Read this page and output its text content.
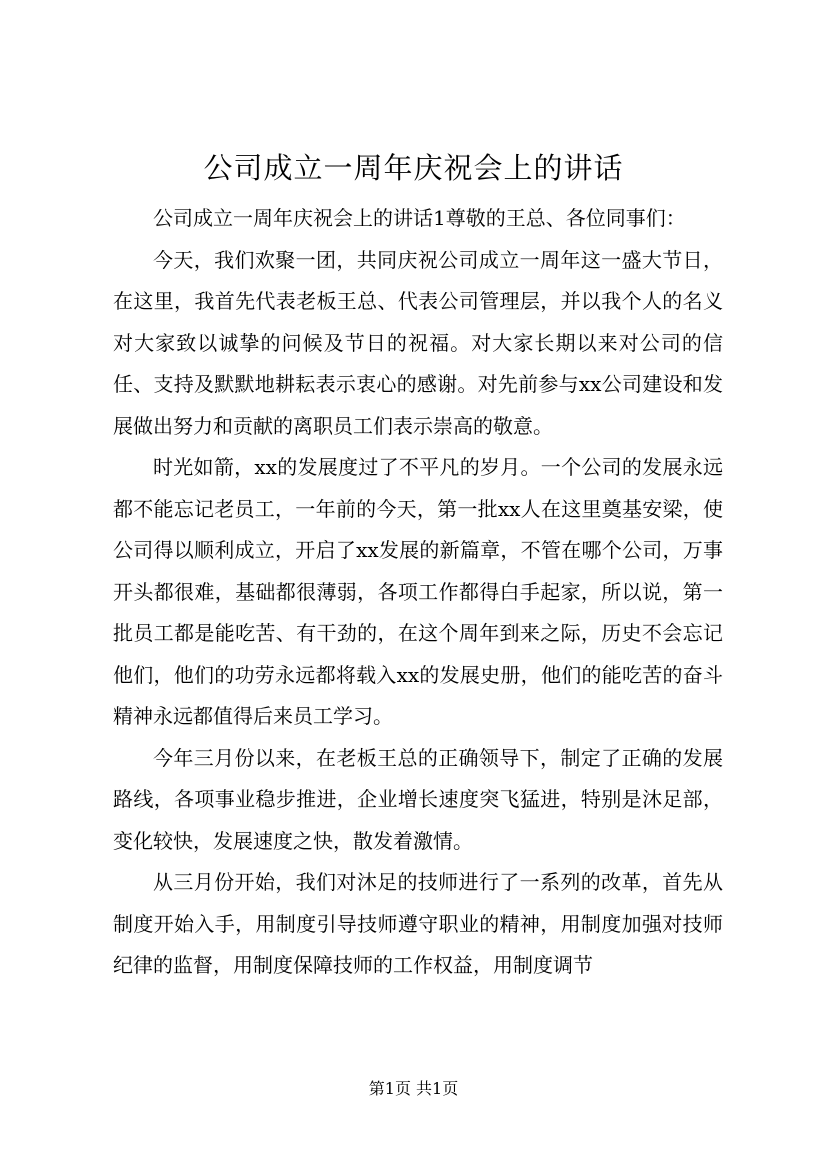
公司成立一周年庆祝会上的讲话

公司成立一周年庆祝会上的讲话1尊敬的王总、各位同事们：

今天，我们欢聚一团，共同庆祝公司成立一周年这一盛大节日，在这里，我首先代表老板王总、代表公司管理层，并以我个人的名义对大家致以诚挚的问候及节日的祝福。对大家长期以来对公司的信任、支持及默默地耕耘表示衷心的感谢。对先前参与xx公司建设和发展做出努力和贡献的离职员工们表示崇高的敬意。

时光如箭，xx的发展度过了不平凡的岁月。一个公司的发展永远都不能忘记老员工，一年前的今天，第一批xx人在这里奠基安梁，使公司得以顺利成立，开启了xx发展的新篇章，不管在哪个公司，万事开头都很难，基础都很薄弱，各项工作都得白手起家，所以说，第一批员工都是能吃苦、有干劲的，在这个周年到来之际，历史不会忘记他们，他们的功劳永远都将载入xx的发展史册，他们的能吃苦的奋斗精神永远都值得后来员工学习。

今年三月份以来，在老板王总的正确领导下，制定了正确的发展路线，各项事业稳步推进，企业增长速度突飞猛进，特别是沐足部，变化较快，发展速度之快，散发着激情。

从三月份开始，我们对沐足的技师进行了一系列的改革，首先从制度开始入手，用制度引导技师遵守职业的精神，用制度加强对技师纪律的监督，用制度保障技师的工作权益，用制度调节

第1页 共1页
